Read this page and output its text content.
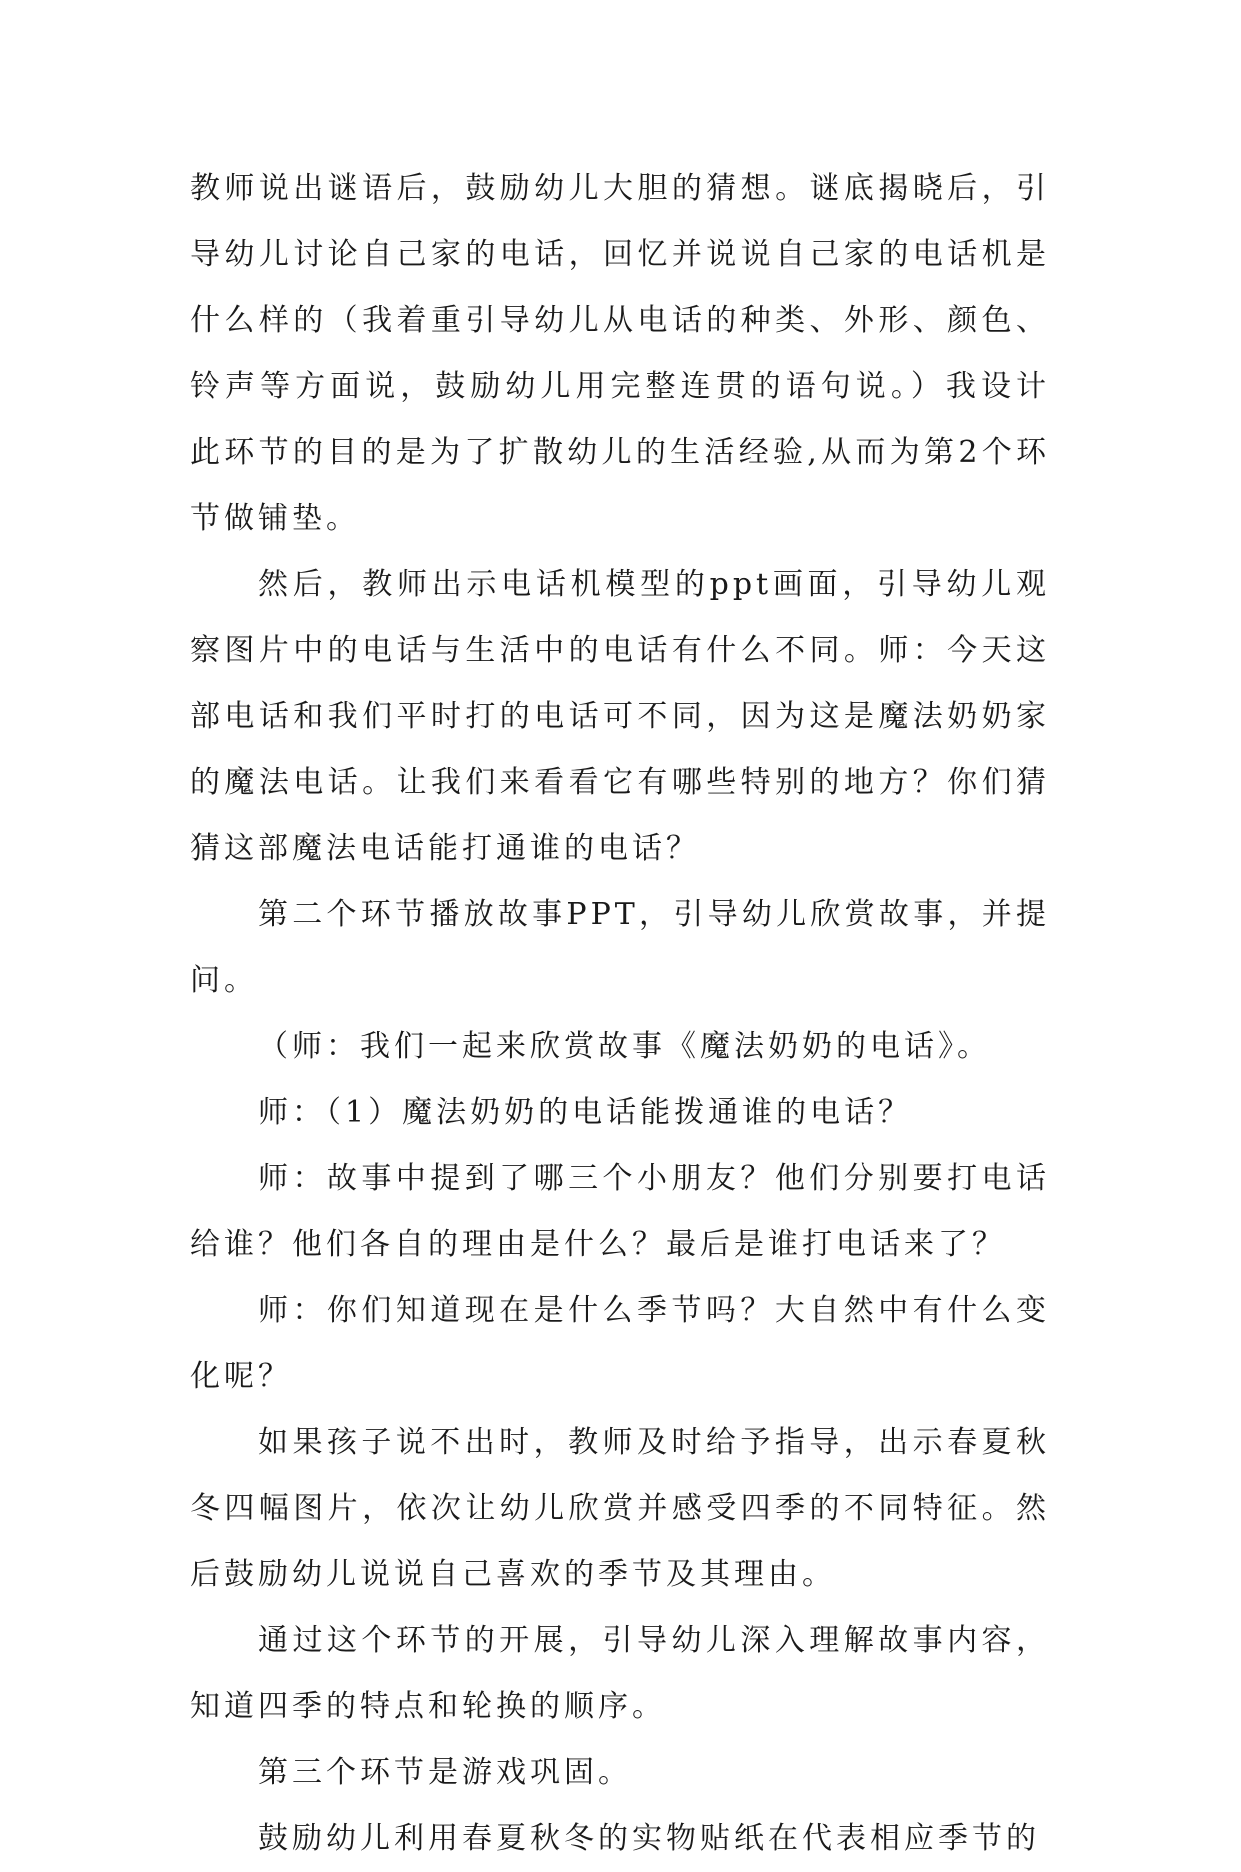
教师说出谜语后，鼓励幼儿大胆的猜想。谜底揭晓后，引导幼儿讨论自己家的电话，回忆并说说自己家的电话机是什么样的（我着重引导幼儿从电话的种类、外形、颜色、铃声等方面说，鼓励幼儿用完整连贯的语句说。）我设计此环节的目的是为了扩散幼儿的生活经验,从而为第2个环节做铺垫。

然后，教师出示电话机模型的ppt画面，引导幼儿观察图片中的电话与生活中的电话有什么不同。师：今天这部电话和我们平时打的电话可不同，因为这是魔法奶奶家的魔法电话。让我们来看看它有哪些特别的地方？你们猜猜这部魔法电话能打通谁的电话？

第二个环节播放故事PPT，引导幼儿欣赏故事，并提问。

（师：我们一起来欣赏故事《魔法奶奶的电话》。

师：（1）魔法奶奶的电话能拨通谁的电话？

师：故事中提到了哪三个小朋友？他们分别要打电话给谁？他们各自的理由是什么？最后是谁打电话来了？

师：你们知道现在是什么季节吗？大自然中有什么变化呢？

如果孩子说不出时，教师及时给予指导，出示春夏秋冬四幅图片，依次让幼儿欣赏并感受四季的不同特征。然后鼓励幼儿说说自己喜欢的季节及其理由。

通过这个环节的开展，引导幼儿深入理解故事内容，知道四季的特点和轮换的顺序。

第三个环节是游戏巩固。

鼓励幼儿利用春夏秋冬的实物贴纸在代表相应季节的
